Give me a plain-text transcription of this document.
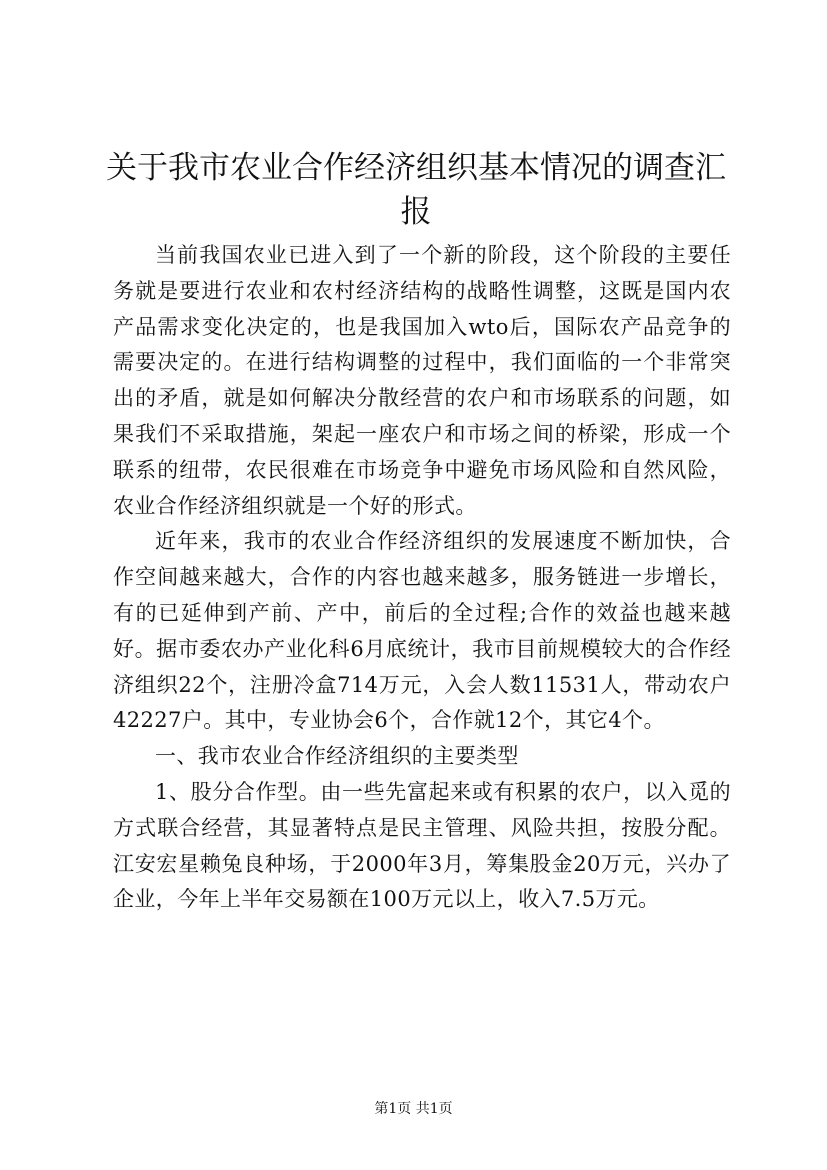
关于我市农业合作经济组织基本情况的调查汇报

当前我国农业已进入到了一个新的阶段，这个阶段的主要任务就是要进行农业和农村经济结构的战略性调整，这既是国内农产品需求变化决定的，也是我国加入wto后，国际农产品竞争的需要决定的。在进行结构调整的过程中，我们面临的一个非常突出的矛盾，就是如何解决分散经营的农户和市场联系的问题，如果我们不采取措施，架起一座农户和市场之间的桥梁，形成一个联系的纽带，农民很难在市场竞争中避免市场风险和自然风险，农业合作经济组织就是一个好的形式。

近年来，我市的农业合作经济组织的发展速度不断加快，合作空间越来越大，合作的内容也越来越多，服务链进一步增长，有的已延伸到产前、产中，前后的全过程;合作的效益也越来越好。据市委农办产业化科6月底统计，我市目前规模较大的合作经济组织22个，注册冷盒714万元，入会人数11531人，带动农户42227户。其中，专业协会6个，合作就12个，其它4个。

一、我市农业合作经济组织的主要类型

1、股分合作型。由一些先富起来或有积累的农户，以入觅的方式联合经营，其显著特点是民主管理、风险共担，按股分配。江安宏星赖兔良种场，于2000年3月，筹集股金20万元，兴办了企业，今年上半年交易额在100万元以上，收入7.5万元。

第1页 共1页
